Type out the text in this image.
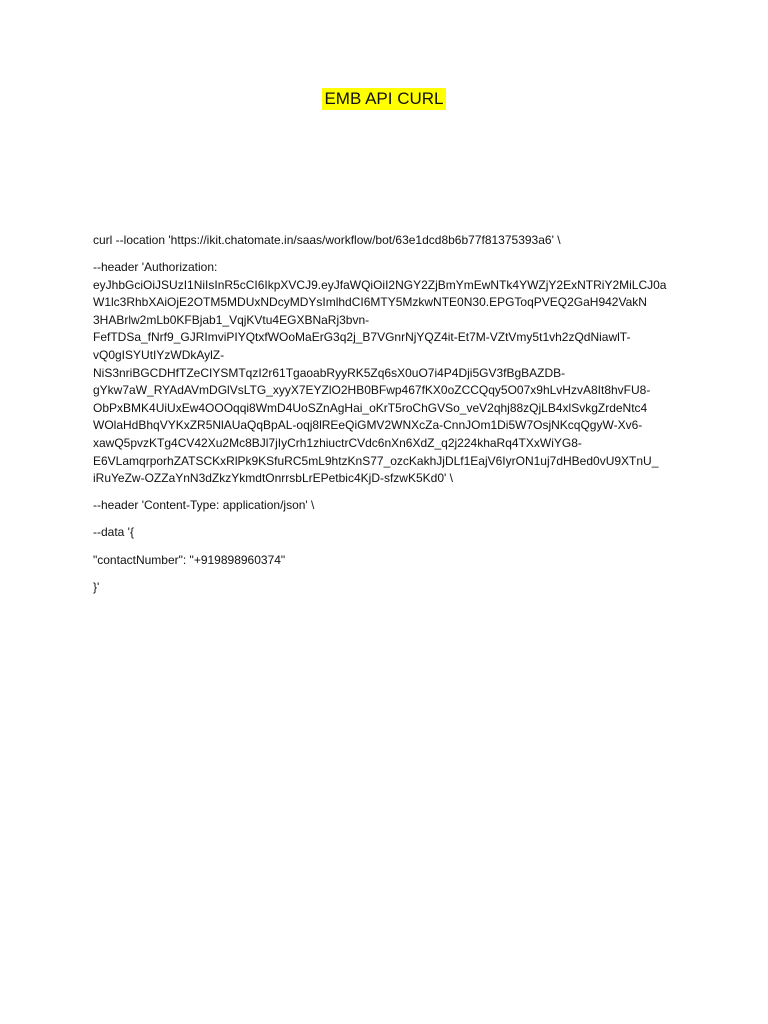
EMB API CURL

curl --location 'https://ikit.chatomate.in/saas/workflow/bot/63e1dcd8b6b77f81375393a6' \

--header 'Authorization:
eyJhbGciOiJSUzI1NiIsInR5cCI6IkpXVCJ9.eyJfaWQiOiI2NGY2ZjBmYmEwNTk4YWZjY2ExNTRiY2MiLCJ0a
W1lc3RhbXAiOjE2OTM5MDUxNDcyMDYsImlhdCI6MTY5MzkwNTE0N30.EPGToqPVEQ2GaH942VakN
3HABrlw2mLb0KFBjab1_VqjKVtu4EGXBNaRj3bvn-
FefTDSa_fNrf9_GJRImviPIYQtxfWOoMaErG3q2j_B7VGnrNjYQZ4it-Et7M-VZtVmy5t1vh2zQdNiawlT-
vQ0gISYUtIYzWDkAylZ-
NiS3nriBGCDHfTZeCIYSMTqzI2r61TgaoabRyyRK5Zq6sX0uO7i4P4Dji5GV3fBgBAZDB-
gYkw7aW_RYAdAVmDGlVsLTG_xyyX7EYZlO2HB0BFwp467fKX0oZCCQqy5O07x9hLvHzvA8It8hvFU8-
ObPxBMK4UiUxEw4OOOqqi8WmD4UoSZnAgHai_oKrT5roChGVSo_veV2qhj88zQjLB4xlSvkgZrdeNtc4
WOlaHdBhqVYKxZR5NlAUaQqBpAL-oqj8lREeQiGMV2WNXcZa-CnnJOm1Di5W7OsjNKcqQgyW-Xv6-
xawQ5pvzKTg4CV42Xu2Mc8BJl7jIyCrh1zhiuctrCVdc6nXn6XdZ_q2j224khaRq4TXxWiYG8-
E6VLamqrporhZATSCKxRlPk9KSfuRC5mL9htzKnS77_ozcKakhJjDLf1EajV6IyrON1uj7dHBed0vU9XTnU_
iRuYeZw-OZZaYnN3dZkzYkmdtOnrrsbLrEPetbic4KjD-sfzwK5Kd0' \

--header 'Content-Type: application/json' \

--data '{

"contactNumber": "+919898960374"

}'
